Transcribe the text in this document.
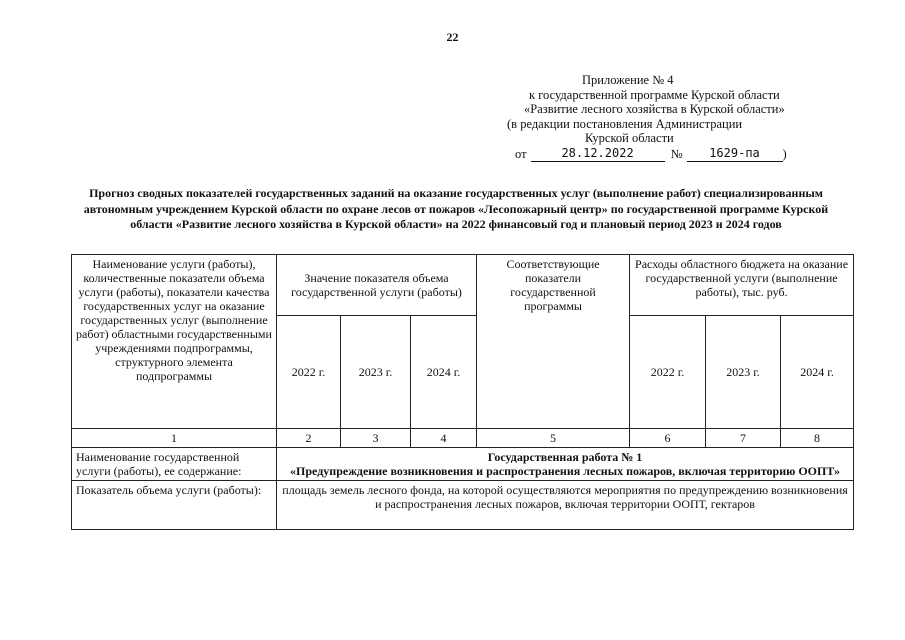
22
Приложение № 4
к государственной программе Курской области
«Развитие лесного хозяйства в Курской области»
(в редакции постановления Администрации
Курской области
от	28.12.2022	№	1629-па	)
Прогноз сводных показателей государственных заданий на оказание государственных услуг (выполнение работ) специализированным автономным учреждением Курской области по охране лесов от пожаров «Лесопожарный центр» по государственной программе Курской области «Развитие лесного хозяйства в Курской области» на 2022 финансовый год и плановый период 2023 и 2024 годов
Наименование услуги (работы), количественные показатели объема услуги (работы), показатели качества государственных услуг на оказание государственных услуг (выполнение работ) областными государственными учреждениями подпрограммы, структурного элемента подпрограммы	Значение показателя объема государственной услуги (работы)			Соответствующие показатели государственной программы	Расходы областного бюджета на оказание государственной услуги (выполнение работы), тыс. руб.		
	2022 г.	2023 г.	2024 г.		2022 г.	2023 г.	2024 г.
1	2	3	4	5	6	7	8
Наименование государственной услуги (работы), ее содержание:	Государственная работа № 1
«Предупреждение возникновения и распространения лесных пожаров, включая территорию ООПТ»						

Показатель объема услуги (работы):	площадь земель лесного фонда, на которой осуществляются мероприятия по предупреждению возникновения и распространения лесных пожаров, включая территории ООПТ, гектаров						
